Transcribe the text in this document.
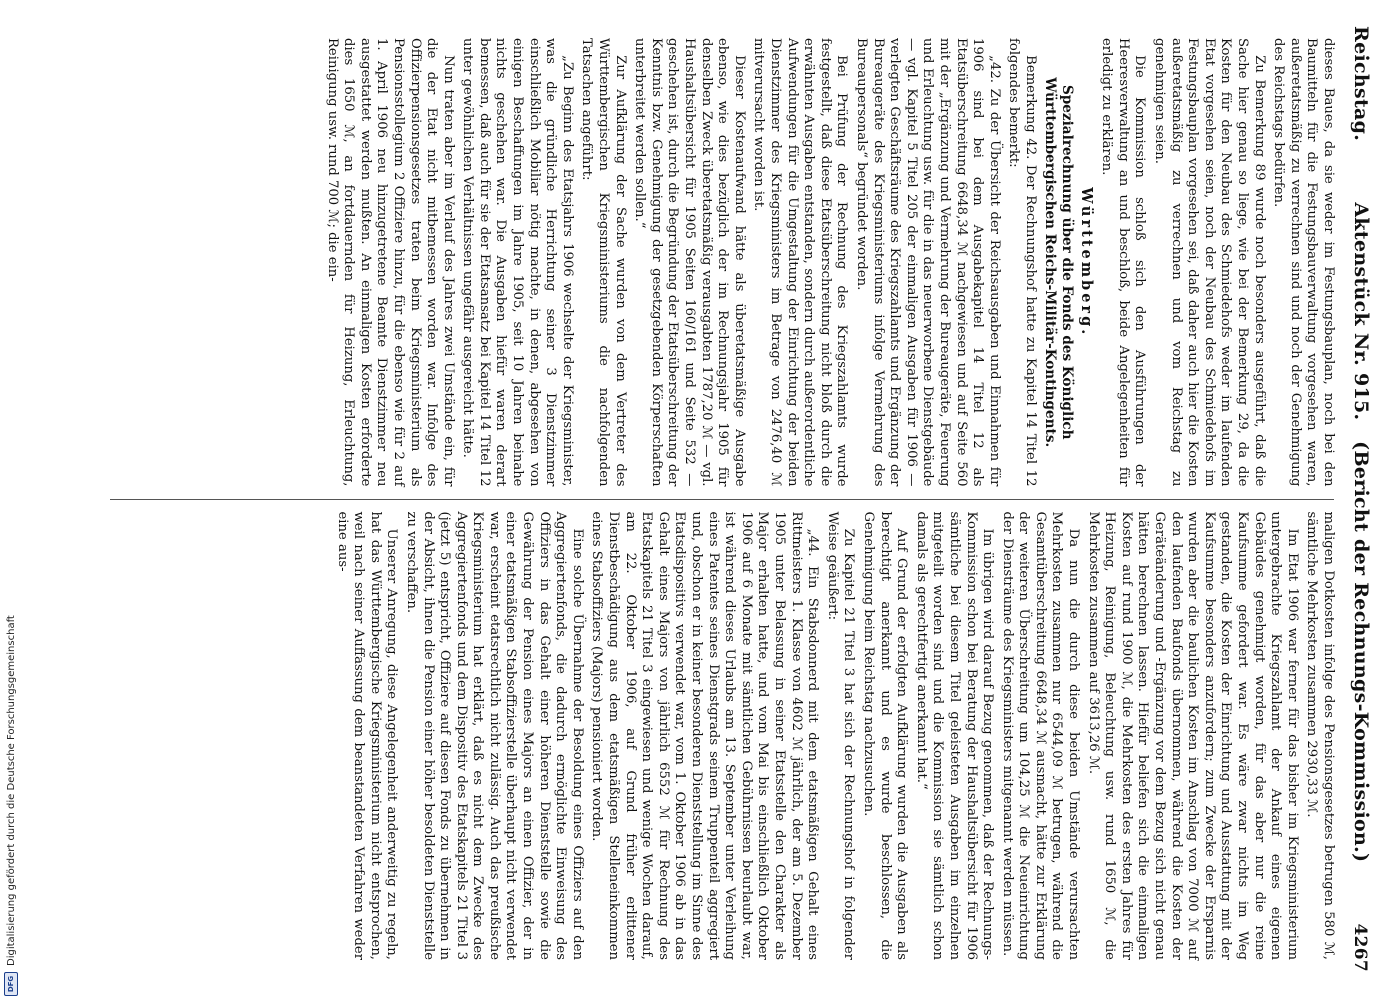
DFG
Digitalisierung gefördert durch die Deutsche Forschungsgemeinschaft
Reichstag.
Aktenstück Nr. 915.   (Bericht der Rechnungs-Kommission.)
4267

dieses Baues, da sie weder im Festungsbauplan, noch bei den Baumitteln für die Festungsbauverwaltung vorgesehen waren, außeretatsmäßig zu verrechnen sind und noch der Genehmigung des Reichstags bedürfen.

Zu Bemerkung 89 wurde noch besonders ausgeführt, daß die Sache hier genau so liege, wie bei der Bemerkung 29, da die Kosten für den Neubau des Schmiedehofs weder im laufenden Etat vorgesehen seien, noch der Neubau des Schmiedehofs im Festungsbauplan vorgesehen sei, daß daher auch hier die Kosten außeretatsmäßig zu verrechnen und vom Reichstag zu genehmigen seien.

Die Kommission schloß sich den Ausführungen der Heeresverwaltung an und beschloß, beide Angelegenheiten für erledigt zu erklären.

Württemberg.
Spezialrechnung über die Fonds des Königlich Württembergischen Reichs-Militär-Kontingents.

Bemerkung 42. Der Rechnungshof hatte zu Kapitel 14 Titel 12 folgendes bemerkt:

„42. Zu der Übersicht der Reichsausgaben und Einnahmen für 1906 sind bei dem Ausgabekapitel 14 Titel 12 als Etatsüberschreitung 6648,34 ℳ nachgewiesen und auf Seite 560 mit der „Ergänzung und Vermehrung der Bureaugeräte, Feuerung und Erleuchtung usw. für die in das neuerworbene Dienstgebäude — vgl. Kapitel 5 Titel 205 der einmaligen Ausgaben für 1906 — verlegten Geschäftsräume des Kriegszahlamts und Ergänzung der Bureaugeräte des Kriegsministeriums infolge Vermehrung des Bureaupersonals“ begründet worden.

Bei Prüfung der Rechnung des Kriegszahlamts wurde festgestellt, daß diese Etatsüberschreitung nicht bloß durch die erwähnten Ausgaben entstanden, sondern durch außerordentliche Aufwendungen für die Umgestaltung der Einrichtung der beiden Dienstzimmer des Kriegsministers im Betrage von 2476,40 ℳ mitverursacht worden ist.

Dieser Kostenaufwand hätte als überetatsmäßige Ausgabe ebenso, wie dies bezüglich der im Rechnungsjahr 1905 für denselben Zweck überetatsmäßig verausgabten 1787,20 ℳ — vgl. Haushaltsübersicht für 1905 Seiten 160/161 und Seite 532 — geschehen ist, durch die Begründung der Etatsüberschreitung der Kenntnis bzw. Genehmigung der gesetzgebenden Körperschaften unterbreitet werden sollen.“

Zur Aufklärung der Sache wurden von dem Vertreter des Württembergischen Kriegsministeriums die nachfolgenden Tatsachen angeführt:

„Zu Beginn des Etatsjahrs 1906 wechselte der Kriegsminister, was die gründliche Herrichtung seiner 3 Dienstzimmer einschließlich Mobiliar nötig machte, in denen, abgesehen von einigen Beschaffungen im Jahre 1905, seit 10 Jahren beinahe nichts geschehen war. Die Ausgaben hiefür waren derart bemessen, daß auch für sie der Etatsansatz bei Kapitel 14 Titel 12 unter gewöhnlichen Verhältnissen ungefähr ausgereicht hätte.

Nun traten aber im Verlauf des Jahres zwei Umstände ein, für die der Etat nicht mitbemessen worden war. Infolge des Offizierpensionsgesetzes traten beim Kriegsministerium als Pensionsstollegium 2 Offiziere hinzu, für die ebenso wie für 2 auf 1. April 1906 neu hinzugetretene Beamte Dienstzimmer neu ausgestattet werden mußten. An einmaligen Kosten erforderte dies 1650 ℳ, an fortdauernden für Heizung, Erleuchtung, Reinigung usw. rund 700 ℳ; die ein-

maligen Dotkosten infolge des Pensionsgesetzes betrugen 580 ℳ, sämtliche Mehrkosten zusammen 2930,33 ℳ.

Im Etat 1906 war ferner für das bisher im Kriegsministerium untergebrachte Kriegszahlamt der Ankauf eines eigenen Gebäudes genehmigt worden, für das aber nur die reine Kaufsumme gefordert war. Es wäre zwar nichts im Weg gestanden, die Kosten der Einrichtung und Ausstattung mit der Kaufsumme besonders anzufordern; zum Zwecke der Ersparnis wurden aber die baulichen Kosten im Anschlag von 7000 ℳ auf den laufenden Baufonds übernommen, während die Kosten der Geräteänderung und -Ergänzung vor dem Bezug sich nicht genau hätten berechnen lassen. Hiefür beliefen sich die einmaligen Kosten auf rund 1900 ℳ, die Mehrkosten des ersten Jahres für Heizung, Reinigung, Beleuchtung usw. rund 1650 ℳ, die Mehrkosten zusammen auf 3613,26 ℳ.

Da nun die durch diese beiden Umstände verursachten Mehrkosten zusammen nur 6544,09 ℳ betrugen, während die Gesamtüberschreitung 6648,34 ℳ ausmacht, hätte zur Erklärung der weiteren Überschreitung um 104,25 ℳ die Neueinrichtung der Diensträume des Kriegsministers mitgenannt werden müssen.

Im übrigen wird darauf Bezug genommen, daß der Rechnungs-Kommission schon bei Beratung der Haushaltsübersicht für 1906 sämtliche bei diesem Titel geleisteten Ausgaben im einzelnen mitgeteilt worden sind und die Kommission sie sämtlich schon damals als gerechtfertigt anerkannt hat.“

Auf Grund der erfolgten Aufklärung wurden die Ausgaben als berechtigt anerkannt und es wurde beschlossen, die Genehmigung beim Reichstag nachzusuchen.

Zu Kapitel 21 Titel 3 hat sich der Rechnungshof in folgender Weise geäußert:

„44. Ein Stabsdonnerd mit dem etatsmäßigen Gehalt eines Rittmeisters 1. Klasse von 4602 ℳ jährlich, der am 5. Dezember 1905 unter Belassung in seiner Etatsstelle den Charakter als Major erhalten hatte, und vom Mai bis einschließlich Oktober 1906 auf 6 Monate mit sämtlichen Gebührnissen beurlaubt war, ist während dieses Urlaubs am 13. September unter Verleihung eines Patentes seines Dienstgrads seinem Truppenteil aggregiert und, obschon er in keiner besonderen Dienststellung im Sinne des Etatsdispositivs verwendet war, vom 1. Oktober 1906 ab in das Gehalt eines Majors von jährlich 6552 ℳ für Rechnung des Etatskapitels 21 Titel 3 eingewiesen und wenige Wochen darauf, am 22. Oktober 1906, auf Grund früher erlittener Dienstbeschädigung aus dem etatsmäßigen Stelleneinkommen eines Stabsoffiziers (Majors) pensioniert worden.

Eine solche Übernahme der Besoldung eines Offiziers auf den Aggregiertenfonds, die dadurch ermöglichte Einweisung des Offiziers in das Gehalt einer höheren Dienststelle sowie die Gewährung der Pension eines Majors an einen Offizier, der in einer etatsmäßigen Stabsoffizierstelle überhaupt nicht verwendet war, erscheint etatsrechtlich nicht zulässig. Auch das preußische Kriegsministerium hat erklärt, daß es nicht dem Zwecke des Aggregiertenfonds und dem Dispositiv des Etatskapitels 21 Titel 3 (jetzt 5) entspricht, Offiziere auf diesen Fonds zu übernehmen in der Absicht, ihnen die Pension einer höher besoldeten Dienststelle zu verschaffen.

Unserer Anregung, diese Angelegenheit anderweitig zu regeln, hat das Württembergische Kriegsministerium nicht entsprochen, weil nach seiner Auffassung dem beanstandeten Verfahren weder eine aus-
